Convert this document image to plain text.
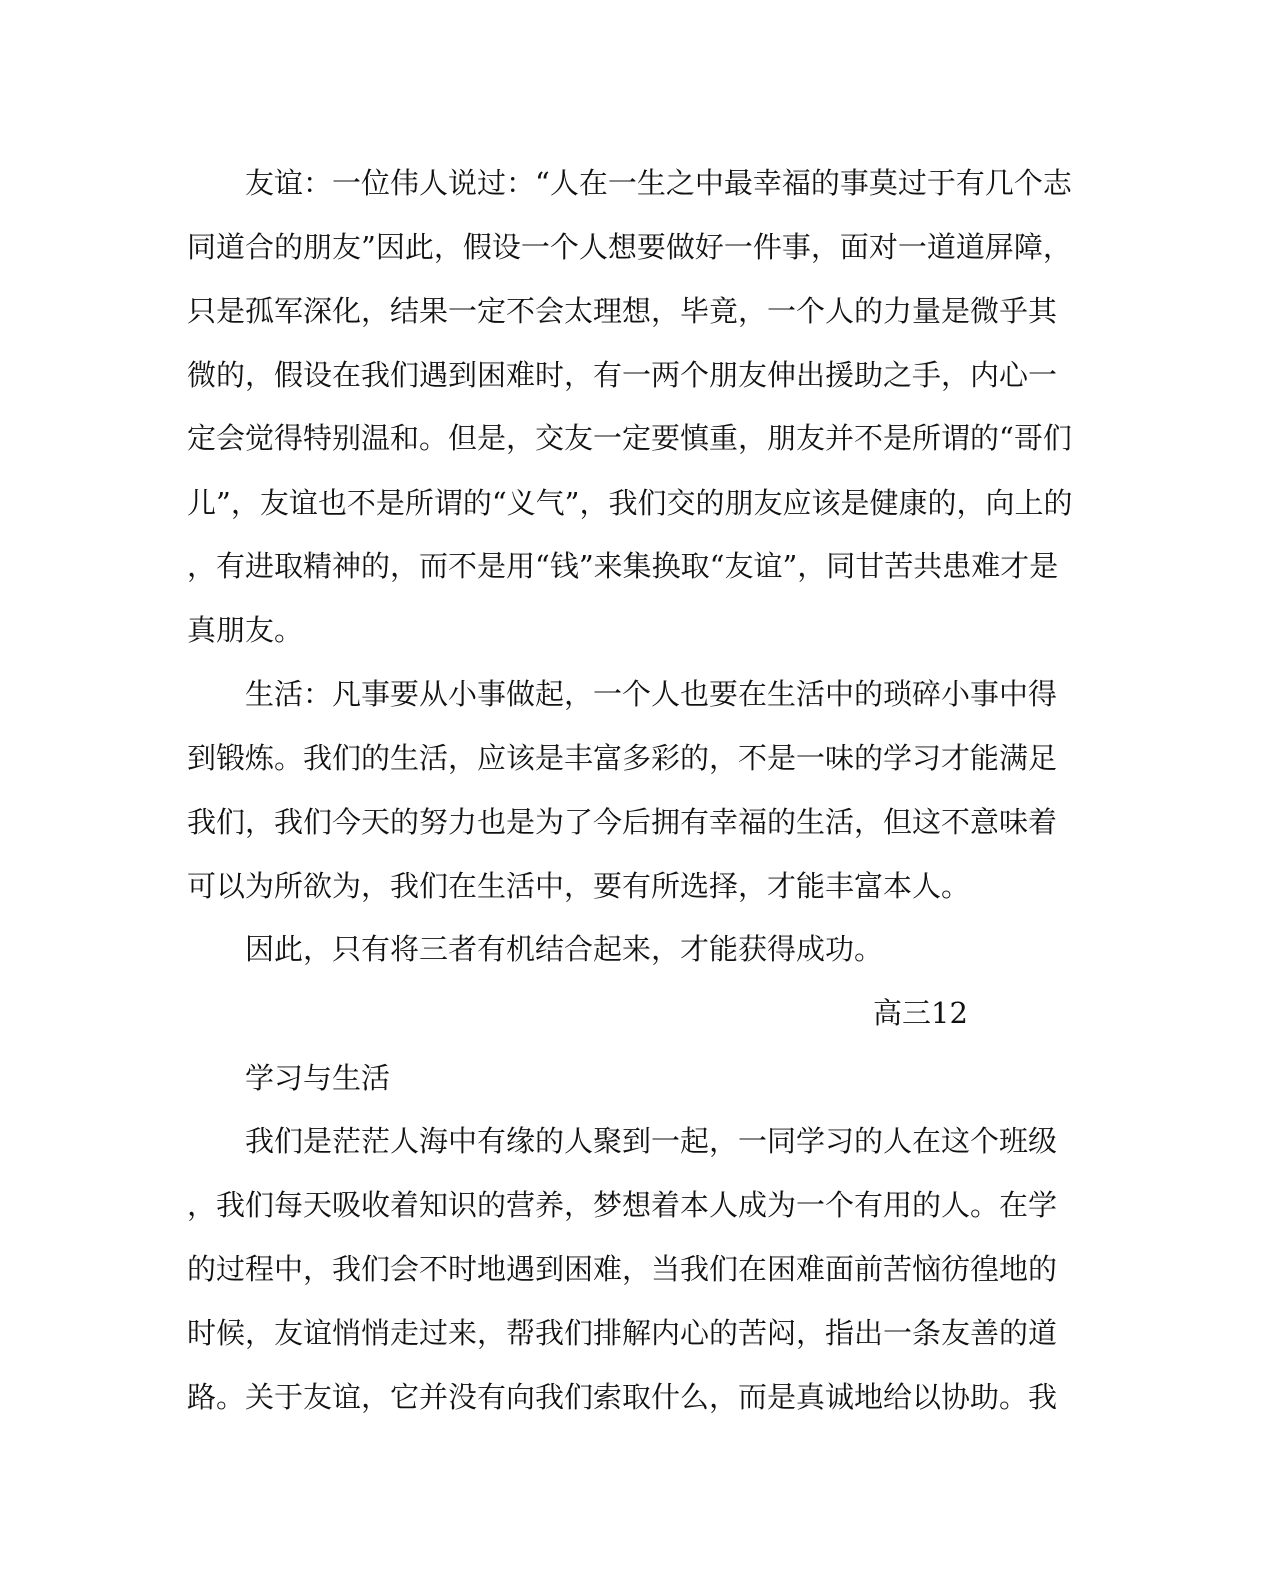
友谊：一位伟人说过：“人在一生之中最幸福的事莫过于有几个志
同道合的朋友”因此，假设一个人想要做好一件事，面对一道道屏障，
只是孤军深化，结果一定不会太理想，毕竟，一个人的力量是微乎其
微的，假设在我们遇到困难时，有一两个朋友伸出援助之手，内心一
定会觉得特别温和。但是，交友一定要慎重，朋友并不是所谓的“哥们
儿”，友谊也不是所谓的“义气”，我们交的朋友应该是健康的，向上的
，有进取精神的，而不是用“钱”来集换取“友谊”，同甘苦共患难才是
真朋友。
生活：凡事要从小事做起，一个人也要在生活中的琐碎小事中得
到锻炼。我们的生活，应该是丰富多彩的，不是一味的学习才能满足
我们，我们今天的努力也是为了今后拥有幸福的生活，但这不意味着
可以为所欲为，我们在生活中，要有所选择，才能丰富本人。
因此，只有将三者有机结合起来，才能获得成功。
高三12
学习与生活
我们是茫茫人海中有缘的人聚到一起，一同学习的人在这个班级
，我们每天吸收着知识的营养，梦想着本人成为一个有用的人。在学
的过程中，我们会不时地遇到困难，当我们在困难面前苦恼彷徨地的
时候，友谊悄悄走过来，帮我们排解内心的苦闷，指出一条友善的道
路。关于友谊，它并没有向我们索取什么，而是真诚地给以协助。我
